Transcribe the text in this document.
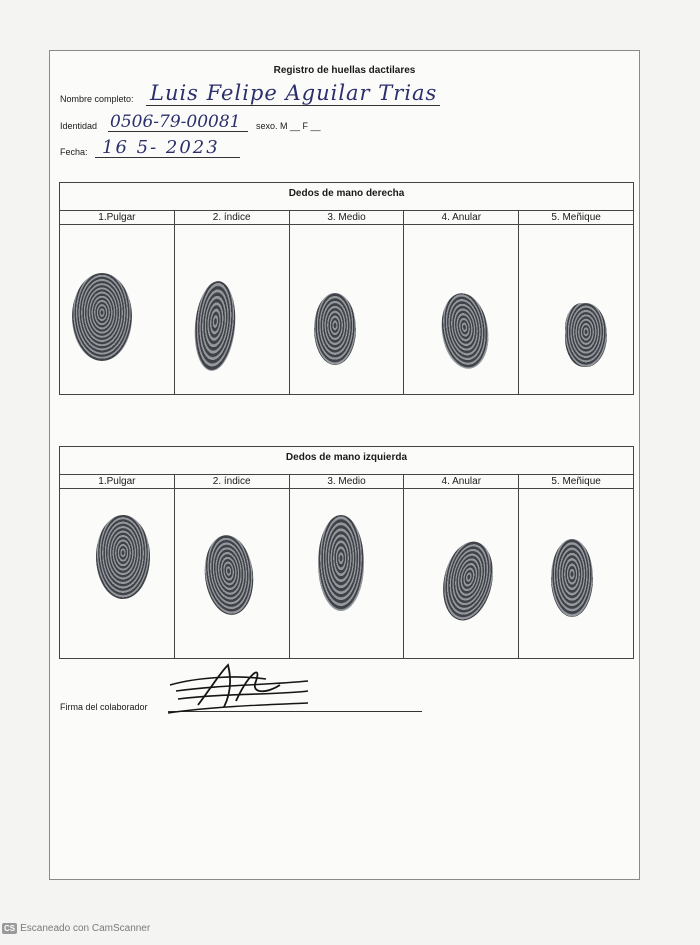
Registro de huellas dactilares
Nombre completo: Luis Felipe Aguilar Trias
Identidad 0506-79-00081 sexo. M __ F __
Fecha: 16 5- 2023
Dedos de mano derecha
1.Pulgar	2. índice	3. Medio	4. Anular	5. Meñique
Dedos de mano izquierda
1.Pulgar	2. índice	3. Medio	4. Anular	5. Meñique
Firma del colaborador
CS Escaneado con CamScanner
